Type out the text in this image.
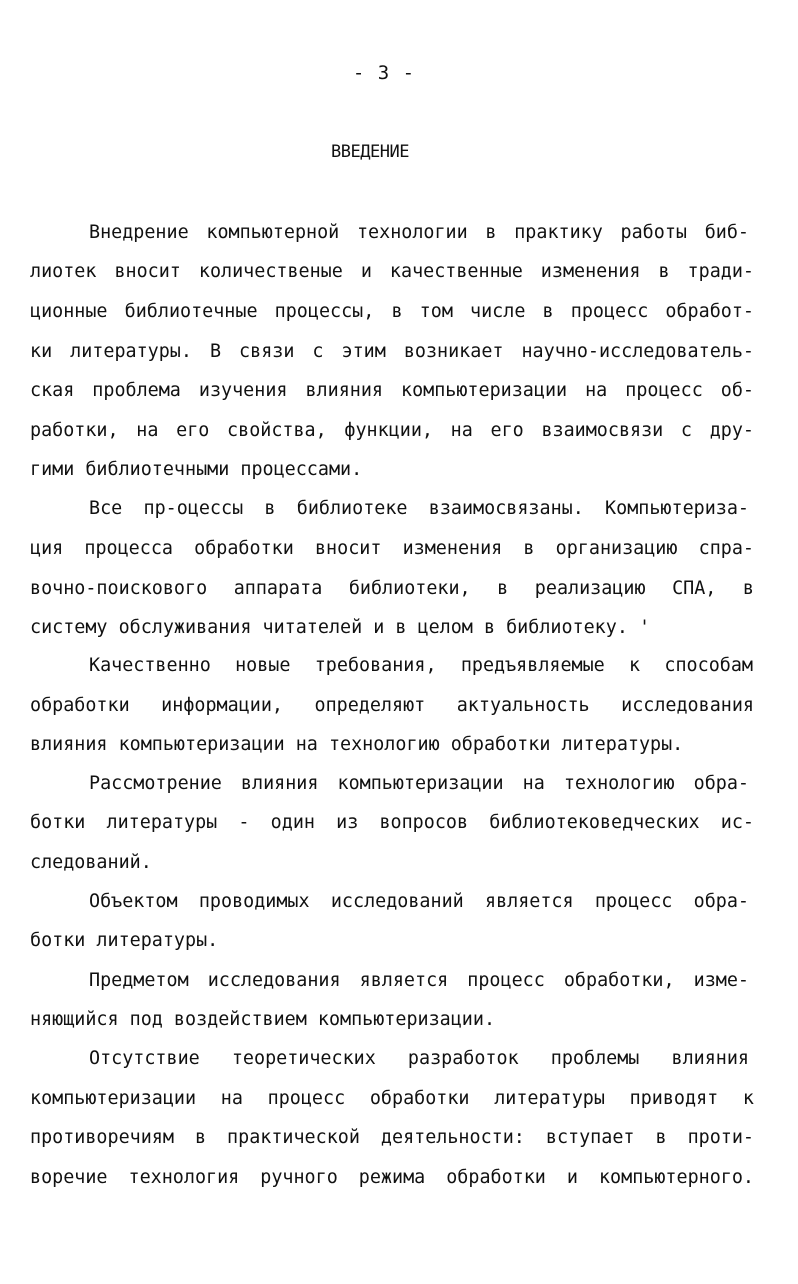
- 3 -
ВВЕДЕНИЕ
Внедрение компьютерной технологии в практику работы биб-
лиотек вносит количественые и качественные изменения в тради-
ционные библиотечные процессы, в том числе в процесс обработ-
ки литературы. В связи с этим возникает научно-исследователь-
ская проблема изучения влияния компьютеризации на процесс об-
работки, на его свойства, функции, на его взаимосвязи с дру-
гими библиотечными процессами.
Все пр-оцессы в библиотеке взаимосвязаны. Компьютериза-
ция процесса обработки вносит изменения в организацию спра-
вочно-поискового аппарата библиотеки, в реализацию СПА, в
систему обслуживания читателей и в целом в библиотеку. '
Качественно новые требования, предъявляемые к способам
обработки информации, определяют актуальность исследования
влияния компьютеризации на технологию обработки литературы.
Рассмотрение влияния компьютеризации на технологию обра-
ботки литературы - один из вопросов библиотековедческих ис-
следований.
Объектом проводимых исследований является процесс обра-
ботки литературы.
Предметом исследования является процесс обработки, изме-
няющийся под воздействием компьютеризации.
Отсутствие теоретических разработок проблемы влияния
компьютеризации на процесс обработки литературы приводят к
противоречиям в практической деятельности: вступает в проти-
воречие технология ручного режима обработки и компьютерного.
